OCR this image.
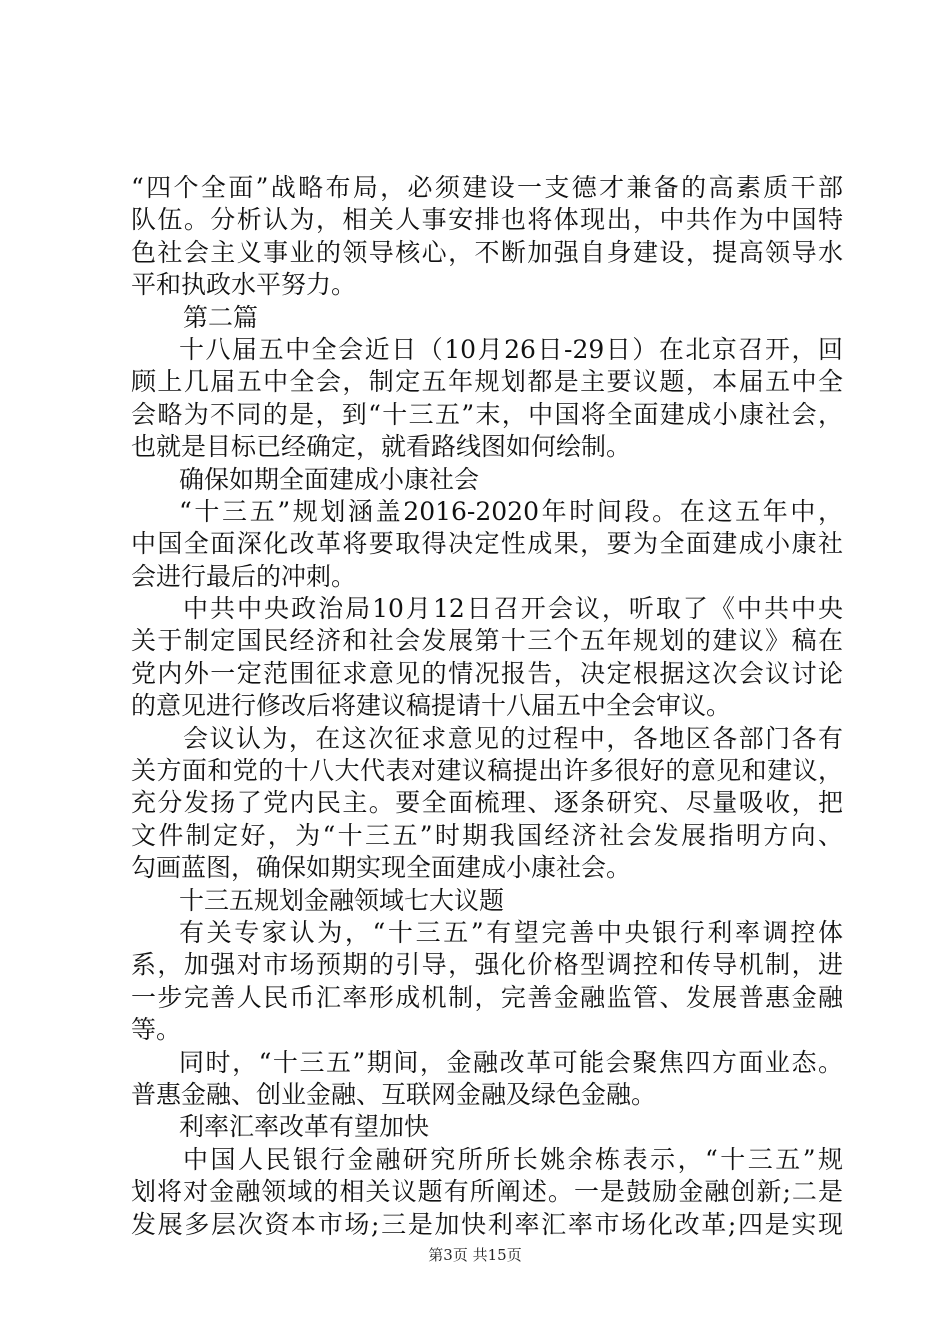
“四个全面”战略布局，必须建设一支德才兼备的高素质干部
队伍。分析认为，相关人事安排也将体现出，中共作为中国特
色社会主义事业的领导核心，不断加强自身建设，提高领导水
平和执政水平努力。
第二篇
十八届五中全会近日（10月26日-29日）在北京召开，回
顾上几届五中全会，制定五年规划都是主要议题，本届五中全
会略为不同的是，到“十三五”末，中国将全面建成小康社会，
也就是目标已经确定，就看路线图如何绘制。
确保如期全面建成小康社会
“十三五”规划涵盖2016-2020年时间段。在这五年中，
中国全面深化改革将要取得决定性成果，要为全面建成小康社
会进行最后的冲刺。
中共中央政治局10月12日召开会议，听取了《中共中央
关于制定国民经济和社会发展第十三个五年规划的建议》稿在
党内外一定范围征求意见的情况报告，决定根据这次会议讨论
的意见进行修改后将建议稿提请十八届五中全会审议。
会议认为，在这次征求意见的过程中，各地区各部门各有
关方面和党的十八大代表对建议稿提出许多很好的意见和建议，
充分发扬了党内民主。要全面梳理、逐条研究、尽量吸收，把
文件制定好，为“十三五”时期我国经济社会发展指明方向、
勾画蓝图，确保如期实现全面建成小康社会。
十三五规划金融领域七大议题
有关专家认为，“十三五”有望完善中央银行利率调控体
系，加强对市场预期的引导，强化价格型调控和传导机制，进
一步完善人民币汇率形成机制，完善金融监管、发展普惠金融
等。
同时，“十三五”期间，金融改革可能会聚焦四方面业态。
普惠金融、创业金融、互联网金融及绿色金融。
利率汇率改革有望加快
中国人民银行金融研究所所长姚余栋表示，“十三五”规
划将对金融领域的相关议题有所阐述。一是鼓励金融创新;二是
发展多层次资本市场;三是加快利率汇率市场化改革;四是实现
第3页 共15页
